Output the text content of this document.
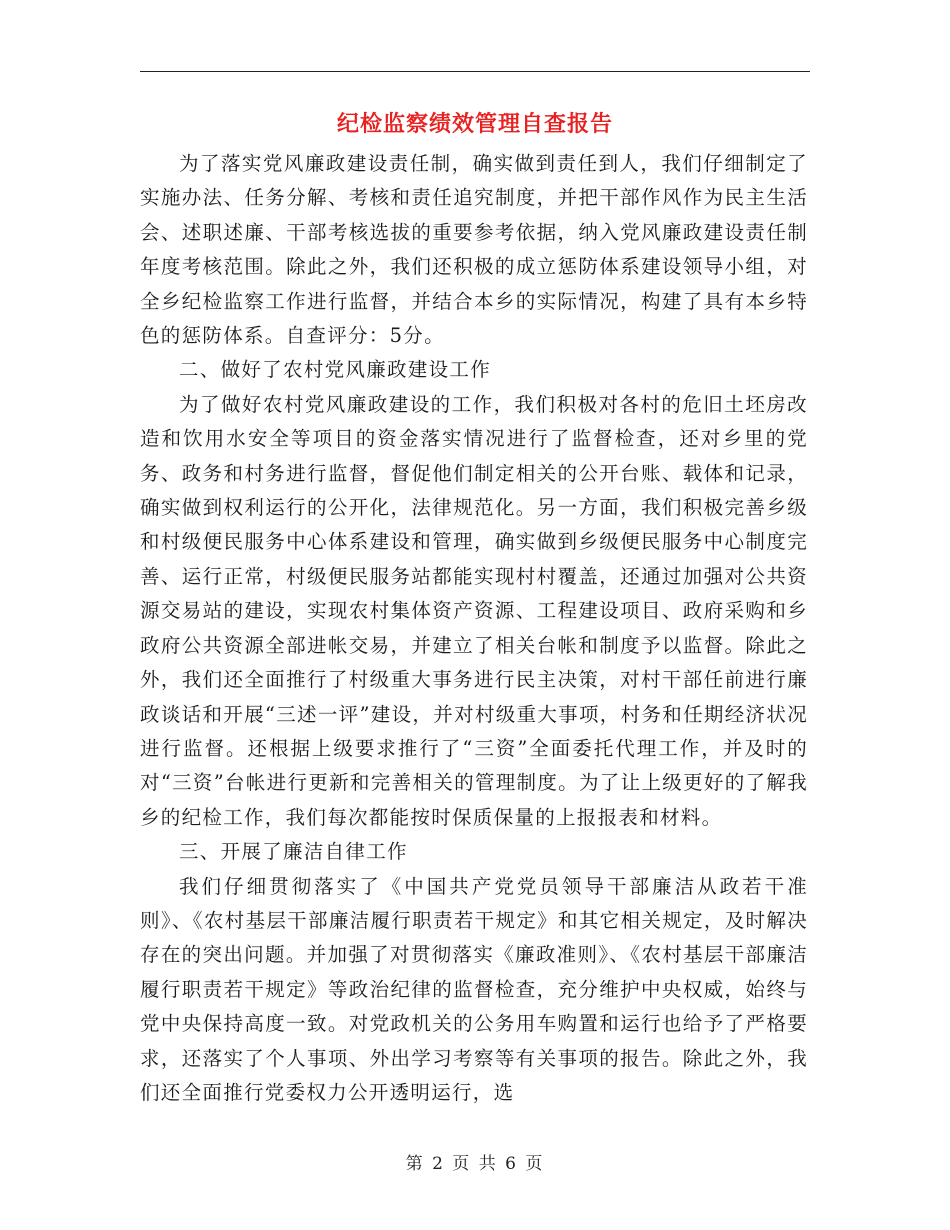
纪检监察绩效管理自查报告

为了落实党风廉政建设责任制，确实做到责任到人，我们仔细制定了实施办法、任务分解、考核和责任追究制度，并把干部作风作为民主生活会、述职述廉、干部考核选拔的重要参考依据，纳入党风廉政建设责任制年度考核范围。除此之外，我们还积极的成立惩防体系建设领导小组，对全乡纪检监察工作进行监督，并结合本乡的实际情况，构建了具有本乡特色的惩防体系。自查评分：5分。

二、做好了农村党风廉政建设工作

为了做好农村党风廉政建设的工作，我们积极对各村的危旧土坯房改造和饮用水安全等项目的资金落实情况进行了监督检查，还对乡里的党务、政务和村务进行监督，督促他们制定相关的公开台账、载体和记录，确实做到权利运行的公开化，法律规范化。另一方面，我们积极完善乡级和村级便民服务中心体系建设和管理，确实做到乡级便民服务中心制度完善、运行正常，村级便民服务站都能实现村村覆盖，还通过加强对公共资源交易站的建设，实现农村集体资产资源、工程建设项目、政府采购和乡政府公共资源全部进帐交易，并建立了相关台帐和制度予以监督。除此之外，我们还全面推行了村级重大事务进行民主决策，对村干部任前进行廉政谈话和开展“三述一评”建设，并对村级重大事项，村务和任期经济状况进行监督。还根据上级要求推行了“三资”全面委托代理工作，并及时的对“三资”台帐进行更新和完善相关的管理制度。为了让上级更好的了解我乡的纪检工作，我们每次都能按时保质保量的上报报表和材料。

三、开展了廉洁自律工作

我们仔细贯彻落实了《中国共产党党员领导干部廉洁从政若干准则》、《农村基层干部廉洁履行职责若干规定》和其它相关规定，及时解决存在的突出问题。并加强了对贯彻落实《廉政准则》、《农村基层干部廉洁履行职责若干规定》等政治纪律的监督检查，充分维护中央权威，始终与党中央保持高度一致。对党政机关的公务用车购置和运行也给予了严格要求，还落实了个人事项、外出学习考察等有关事项的报告。除此之外，我们还全面推行党委权力公开透明运行，选

第 2 页 共 6 页
